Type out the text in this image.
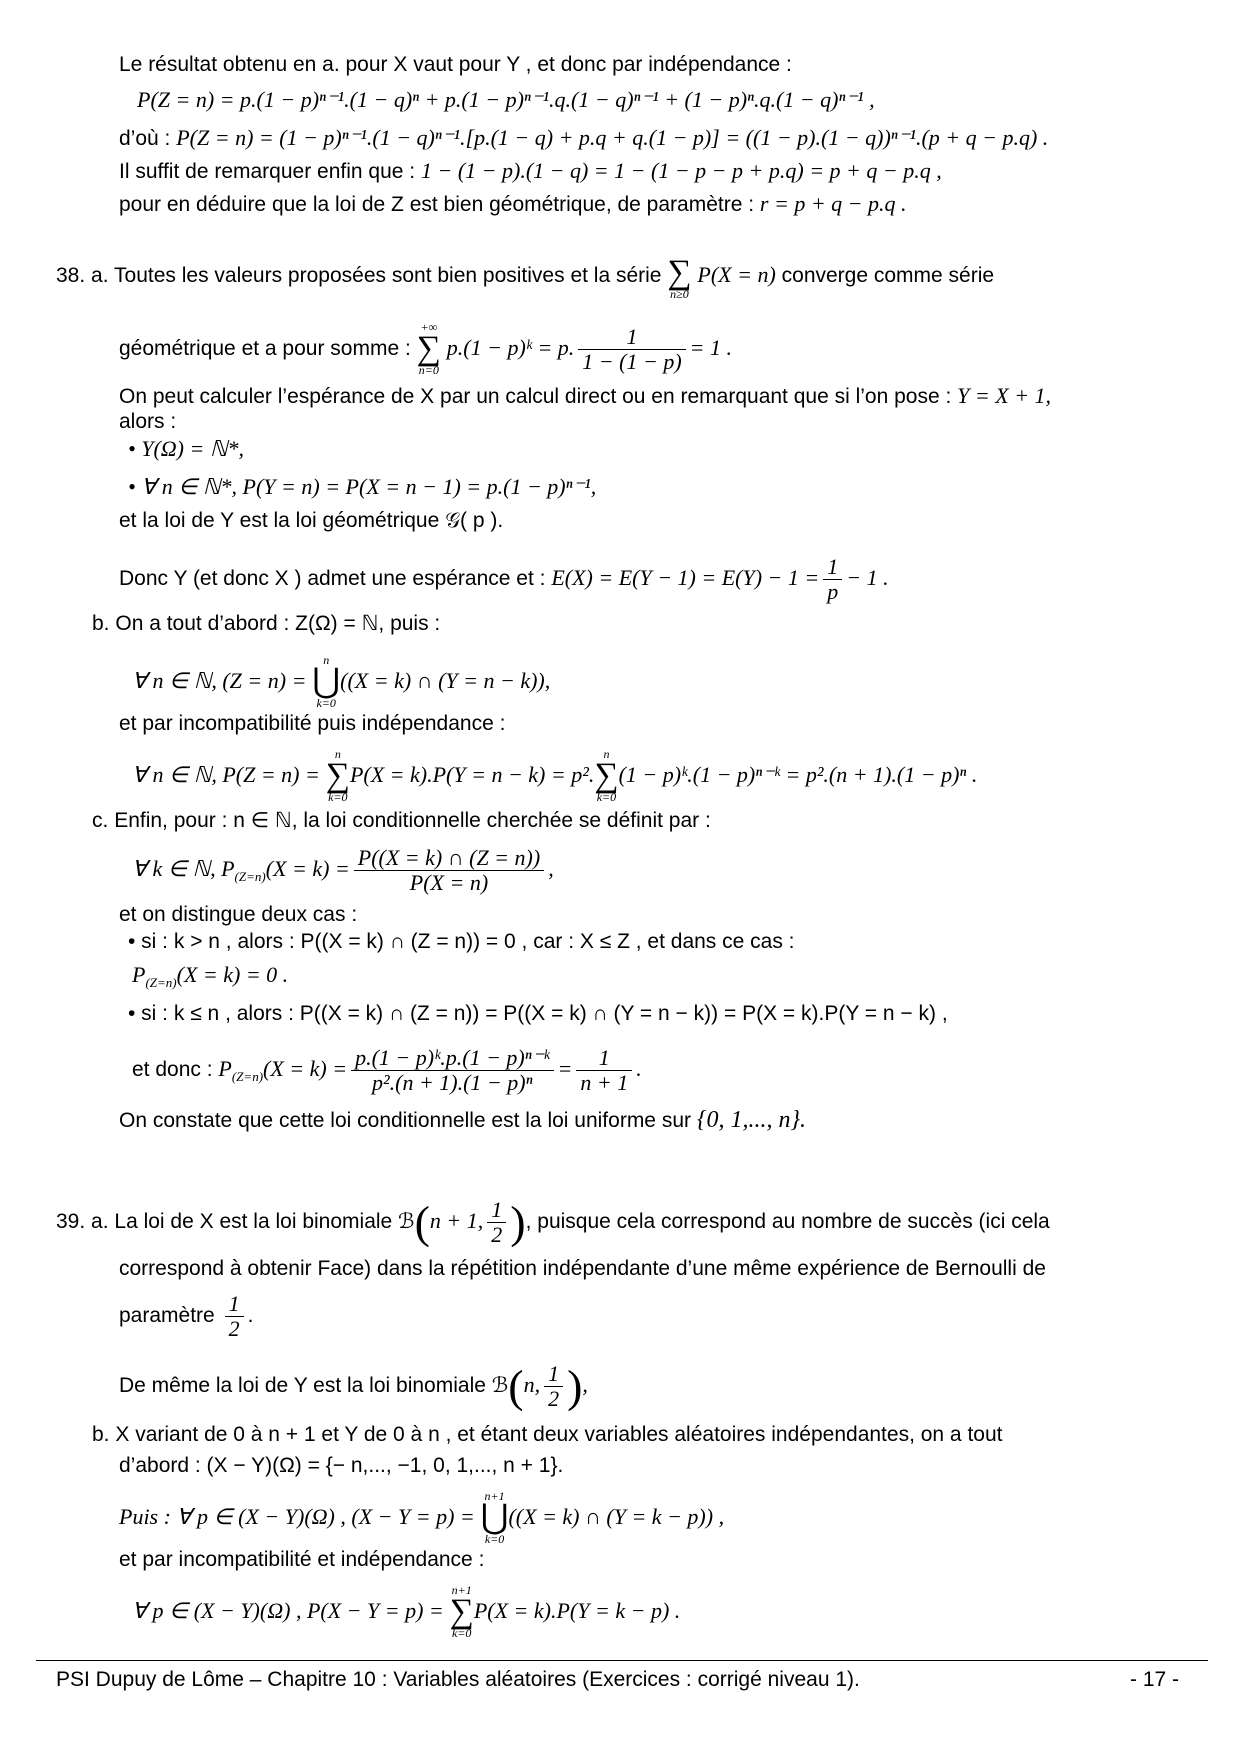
Le résultat obtenu en a. pour X vaut pour Y , et donc par indépendance :
P(Z = n) = p.(1 − p)ⁿ⁻¹.(1 − q)ⁿ + p.(1 − p)ⁿ⁻¹.q.(1 − q)ⁿ⁻¹ + (1 − p)ⁿ.q.(1 − q)ⁿ⁻¹ ,
d’où : P(Z = n) = (1 − p)ⁿ⁻¹.(1 − q)ⁿ⁻¹.[p.(1 − q) + p.q + q.(1 − p)] = ((1 − p).(1 − q))ⁿ⁻¹.(p + q − p.q) .
Il suffit de remarquer enfin que : 1 − (1 − p).(1 − q) = 1 − (1 − p − p + p.q) = p + q − p.q ,
pour en déduire que la loi de Z est bien géométrique, de paramètre : r = p + q − p.q .
38. a. Toutes les valeurs proposées sont bien positives et la série ∑
n≥0
P(X = n) converge comme série
géométrique et a pour somme :
+∞
∑
n=0
p.(1 − p)ᵏ = p. $\frac{1}{1 - (1 - p)} = 1$ .
On peut calculer l’espérance de X par un calcul direct ou en remarquant que si l’on pose : Y = X + 1,
alors :
• Y(Ω) = ℕ*,
• ∀ n ∈ ℕ*, P(Y = n) = P(X = n − 1) = p.(1 − p)ⁿ⁻¹,
et la loi de Y est la loi géométrique 𝒢( p ).
Donc Y (et donc X ) admet une espérance et : $E(X) = E(Y - 1) = E(Y) - 1 = \frac{1}{p} - 1$ .
b. On a tout d’abord : Z(Ω) = ℕ, puis :
∀ n ∈ ℕ, (Z = n) =
n
⋃
k=0
((X = k) ∩ (Y = n − k)),
et par incompatibilité puis indépendance :
∀ n ∈ ℕ, P(Z = n) =
n
∑
k=0
P(X = k).P(Y = n − k) = p².
n
∑
k=0
(1 − p)ᵏ.(1 − p)ⁿ⁻ᵏ = p².(n + 1).(1 − p)ⁿ .
c. Enfin, pour : n ∈ ℕ, la loi conditionnelle cherchée se définit par :
∀ k ∈ ℕ, $P_{(Z=n)}(X = k) = \frac{P((X = k) \cap (Z = n))}{P(X = n)}$ ,
et on distingue deux cas :
• si : k > n , alors : P((X = k) ∩ (Z = n)) = 0 , car : X ≤ Z , et dans ce cas :
$P_{(Z=n)}(X = k) = 0$ .
• si : k ≤ n , alors : P((X = k) ∩ (Z = n)) = P((X = k) ∩ (Y = n − k)) = P(X = k).P(Y = n − k) ,
et donc : $P_{(Z=n)}(X = k) = \frac{\text{p.(1 − p)ᵏ.p.(1 − p)ⁿ⁻ᵏ}}{\text{p².(n + 1).(1 − p)ⁿ}} = \frac{1}{n + 1}$ .
On constate que cette loi conditionnelle est la loi uniforme sur {0, 1,..., n}.
39. a. La loi de X est la loi binomiale ℬ(n + 1, $\frac{1}{2}$ ), puisque cela correspond au nombre de succès (ici cela
correspond à obtenir Face) dans la répétition indépendante d’une même expérience de Bernoulli de
paramètre $\frac{1}{2}$ .
De même la loi de Y est la loi binomiale ℬ(n, $\frac{1}{2}$ ),
b. X variant de 0 à n + 1 et Y de 0 à n , et étant deux variables aléatoires indépendantes, on a tout
d’abord : (X − Y)(Ω) = {− n,..., −1, 0, 1,..., n + 1}.
Puis : ∀ p ∈ (X − Y)(Ω) , (X − Y = p) =
n+1
⋃
k=0
((X = k) ∩ (Y = k − p)) ,
et par incompatibilité et indépendance :
∀ p ∈ (X − Y)(Ω) , P(X − Y = p) =
n+1
∑
k=0
P(X = k).P(Y = k − p) .
PSI Dupuy de Lôme – Chapitre 10 : Variables aléatoires (Exercices : corrigé niveau 1).	- 17 -
